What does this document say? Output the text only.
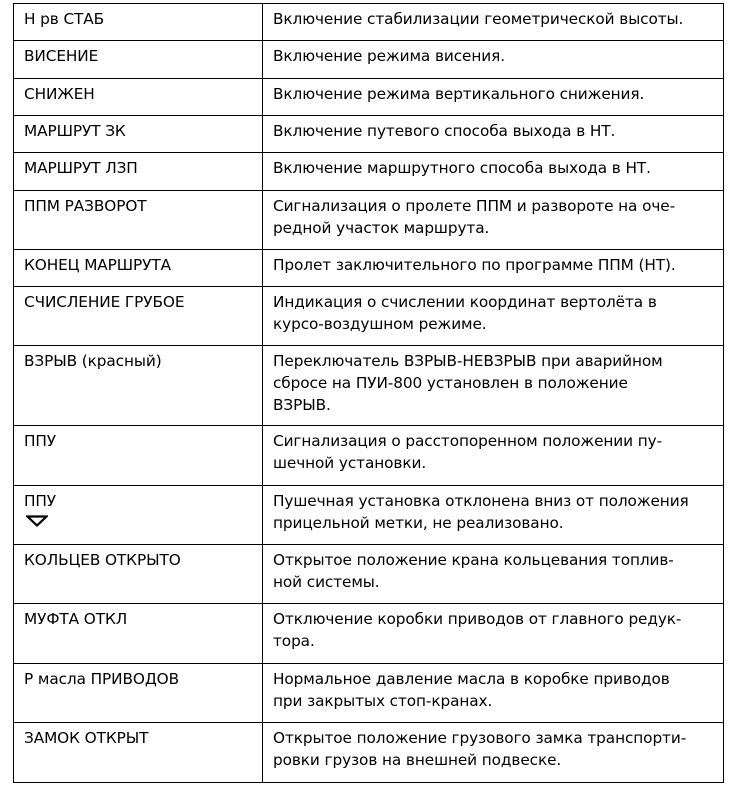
Н рв СТАБ	Включение стабилизации геометрической высоты.

ВИСЕНИЕ	Включение режима висения.

СНИЖЕН	Включение режима вертикального снижения.

МАРШРУТ ЗК	Включение путевого способа выхода в НТ.

МАРШРУТ ЛЗП	Включение маршрутного способа выхода в НТ.

ППМ РАЗВОРОТ	Сигнализация о пролете ППМ и развороте на оче-
редной участок маршрута.

КОНЕЦ МАРШРУТА	Пролет заключительного по программе ППМ (НТ).

СЧИСЛЕНИЕ ГРУБОЕ	Индикация о счислении координат вертолёта в
курсо-воздушном режиме.

ВЗРЫВ (красный)	Переключатель ВЗРЫВ-НЕВЗРЫВ при аварийном
сбросе на ПУИ-800 установлен в положение
ВЗРЫВ.

ППУ	Сигнализация о расстопоренном положении пу-
шечной установки.

ППУ	Пушечная установка отклонена вниз от положения
прицельной метки, не реализовано.

КОЛЬЦЕВ ОТКРЫТО	Открытое положение крана кольцевания топлив-
ной системы.

МУФТА ОТКЛ	Отключение коробки приводов от главного редук-
тора.

Р масла ПРИВОДОВ	Нормальное давление масла в коробке приводов
при закрытых стоп-кранах.

ЗАМОК ОТКРЫТ	Открытое положение грузового замка транспорти-
ровки грузов на внешней подвеске.
